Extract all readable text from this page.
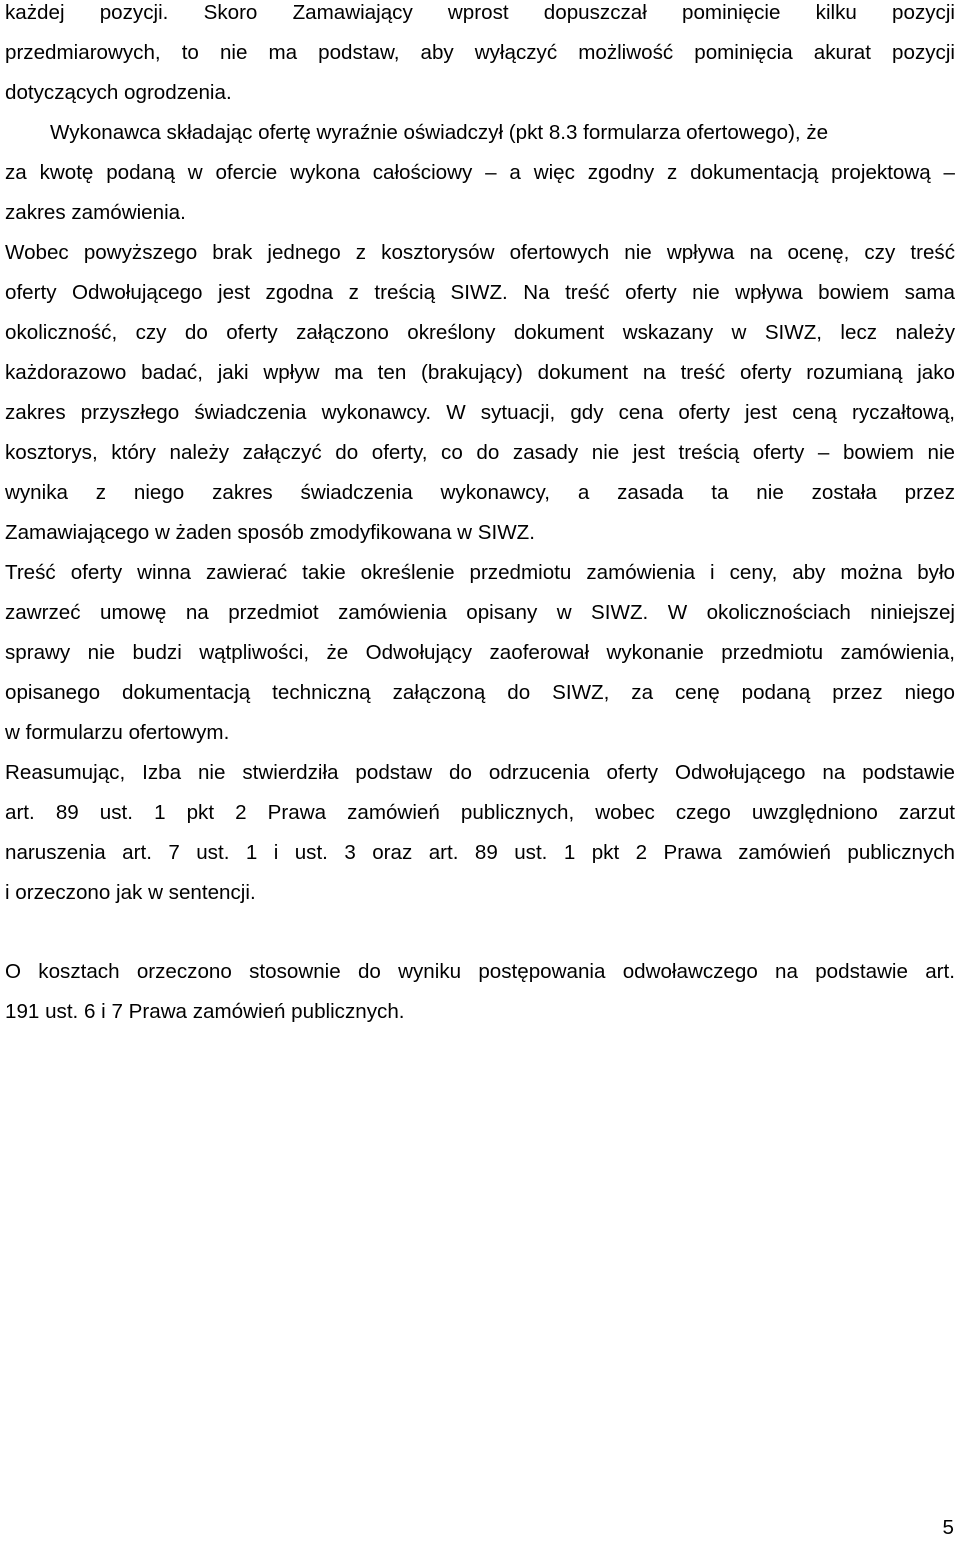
każdej pozycji. Skoro Zamawiający wprost dopuszczał pominięcie kilku pozycji
przedmiarowych, to nie ma podstaw, aby wyłączyć możliwość pominięcia akurat pozycji
dotyczących ogrodzenia.
Wykonawca składając ofertę wyraźnie oświadczył (pkt 8.3 formularza ofertowego), że
za kwotę podaną w ofercie wykona całościowy – a więc zgodny z dokumentacją projektową –
zakres zamówienia.
Wobec powyższego brak jednego z kosztorysów ofertowych nie wpływa na ocenę, czy treść
oferty Odwołującego jest zgodna z treścią SIWZ. Na treść oferty nie wpływa bowiem sama
okoliczność, czy do oferty załączono określony dokument wskazany w SIWZ, lecz należy
każdorazowo badać, jaki wpływ ma ten (brakujący) dokument na treść oferty rozumianą jako
zakres przyszłego świadczenia wykonawcy. W sytuacji, gdy cena oferty jest ceną ryczałtową,
kosztorys, który należy załączyć do oferty, co do zasady nie jest treścią oferty – bowiem nie
wynika z niego zakres świadczenia wykonawcy, a zasada ta nie została przez
Zamawiającego w żaden sposób zmodyfikowana w SIWZ.
Treść oferty winna zawierać takie określenie przedmiotu zamówienia i ceny, aby można było
zawrzeć umowę na przedmiot zamówienia opisany w SIWZ. W okolicznościach niniejszej
sprawy nie budzi wątpliwości, że Odwołujący zaoferował wykonanie przedmiotu zamówienia,
opisanego dokumentacją techniczną załączoną do SIWZ, za cenę podaną przez niego
w formularzu ofertowym.
Reasumując, Izba nie stwierdziła podstaw do odrzucenia oferty Odwołującego na podstawie
art. 89 ust. 1 pkt 2 Prawa zamówień publicznych, wobec czego uwzględniono zarzut
naruszenia art. 7 ust. 1 i ust. 3 oraz art. 89 ust. 1 pkt 2 Prawa zamówień publicznych
i orzeczono jak w sentencji.
O kosztach orzeczono stosownie do wyniku postępowania odwoławczego na podstawie art.
191 ust. 6 i 7 Prawa zamówień publicznych.
5
